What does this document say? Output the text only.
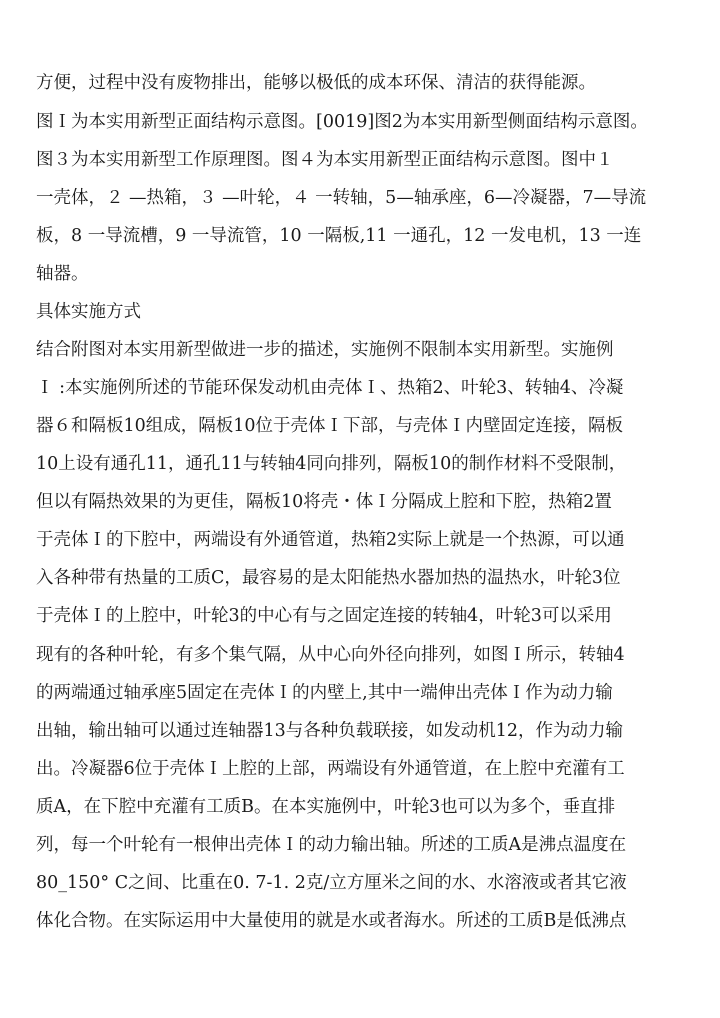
方便，过程中没有废物排出，能够以极低的成本环保、清洁的获得能源。
图Ｉ为本实用新型正面结构示意图。[0019]图2为本实用新型侧面结构示意图。
图３为本实用新型工作原理图。图４为本实用新型正面结构示意图。图中１
一壳体，２ —热箱，３ —叶轮，４ 一转轴，5—轴承座，6—冷凝器，7—导流
板，8 一导流槽，9 一导流管，10 一隔板,11 一通孔，12 一发电机，13 一连
轴器。
具体实施方式
结合附图对本实用新型做进一步的描述，实施例不限制本实用新型。实施例
Ｉ :本实施例所述的节能环保发动机由壳体Ｉ、热箱2、叶轮3、转轴4、冷凝
器６和隔板10组成，隔板10位于壳体Ｉ下部，与壳体Ｉ内壁固定连接，隔板
10上设有通孔11，通孔11与转轴4同向排列，隔板10的制作材料不受限制，
但以有隔热效果的为更佳，隔板10将壳・体Ｉ分隔成上腔和下腔，热箱2置
于壳体Ｉ的下腔中，两端设有外通管道，热箱2实际上就是一个热源，可以通
入各种带有热量的工质C，最容易的是太阳能热水器加热的温热水，叶轮3位
于壳体Ｉ的上腔中，叶轮3的中心有与之固定连接的转轴4，叶轮3可以采用
现有的各种叶轮，有多个集气隔，从中心向外径向排列，如图Ｉ所示，转轴4
的两端通过轴承座5固定在壳体Ｉ的内壁上,其中一端伸出壳体Ｉ作为动力输
出轴，输出轴可以通过连轴器13与各种负载联接，如发动机12，作为动力输
出。冷凝器6位于壳体Ｉ上腔的上部，两端设有外通管道，在上腔中充灌有工
质A，在下腔中充灌有工质B。在本实施例中，叶轮3也可以为多个，垂直排
列，每一个叶轮有一根伸出壳体Ｉ的动力输出轴。所述的工质A是沸点温度在
80_150° C之间、比重在0. 7-1. 2克/立方厘米之间的水、水溶液或者其它液
体化合物。在实际运用中大量使用的就是水或者海水。所述的工质B是低沸点
